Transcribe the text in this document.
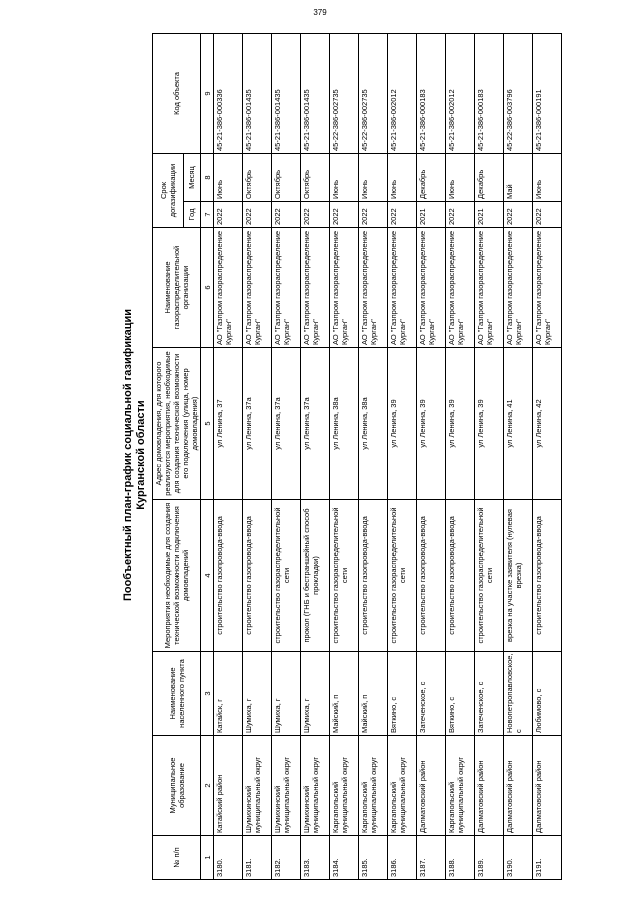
379
Пообъектный план-график социальной газификации Курганской области
№ п/п	Муниципальное образование	Наименование населенного пункта	Мероприятия необходимые для создания технической возможности подключения домовладений	Адрес домовладения, для которого реализуются мероприятия, необходимые для создания технической возможности его подключения (улица, номер домовладения)	Наименование газораспределительной организации	Срок догазификации		Код объекта
						Год	Месяц	
1	2	3	4	5	6	7	8	9
3180.	Катайский район	Катайск, г	строительство газопровода-ввода	ул Ленина, 37	АО "Газпром газораспределение Курган"	2022	Июнь	45-21-386-000336
3181.	Шумихинский муниципальный округ	Шумиха, г	строительство газопровода-ввода	ул Ленина, 37а	АО "Газпром газораспределение Курган"	2022	Октябрь	45-21-386-001435
3182.	Шумихинский муниципальный округ	Шумиха, г	строительство газораспределительной сети	ул Ленина, 37а	АО "Газпром газораспределение Курган"	2022	Октябрь	45-21-386-001435
3183.	Шумихинский муниципальный округ	Шумиха, г	прокол (ГНБ и бестраншейный способ прокладки)	ул Ленина, 37а	АО "Газпром газораспределение Курган"	2022	Октябрь	45-21-386-001435
3184.	Каргапольский муниципальный округ	Майский, п	строительство газораспределительной сети	ул Ленина, 38а	АО "Газпром газораспределение Курган"	2022	Июнь	45-22-386-002735
3185.	Каргапольский муниципальный округ	Майский, п	строительство газопровода-ввода	ул Ленина, 38а	АО "Газпром газораспределение Курган"	2022	Июнь	45-22-386-002735
3186.	Каргапольский муниципальный округ	Вяткино, с	строительство газораспределительной сети	ул Ленина, 39	АО "Газпром газораспределение Курган"	2022	Июнь	45-21-386-002012
3187.	Далматовский район	Затеченское, с	строительство газопровода-ввода	ул Ленина, 39	АО "Газпром газораспределение Курган"	2021	Декабрь	45-21-386-000183
3188.	Каргапольский муниципальный округ	Вяткино, с	строительство газопровода-ввода	ул Ленина, 39	АО "Газпром газораспределение Курган"	2022	Июнь	45-21-386-002012
3189.	Далматовский район	Затеченское, с	строительство газораспределительной сети	ул Ленина, 39	АО "Газпром газораспределение Курган"	2021	Декабрь	45-21-386-000183
3190.	Далматовский район	Новопетропавловское, с	врезка на участке заявителя (нулевая врезка)	ул Ленина, 41	АО "Газпром газораспределение Курган"	2022	Май	45-22-386-003796
3191.	Далматовский район	Любимово, с	строительство газопровода-ввода	ул Ленина, 42	АО "Газпром газораспределение Курган"	2022	Июнь	45-21-386-000191
